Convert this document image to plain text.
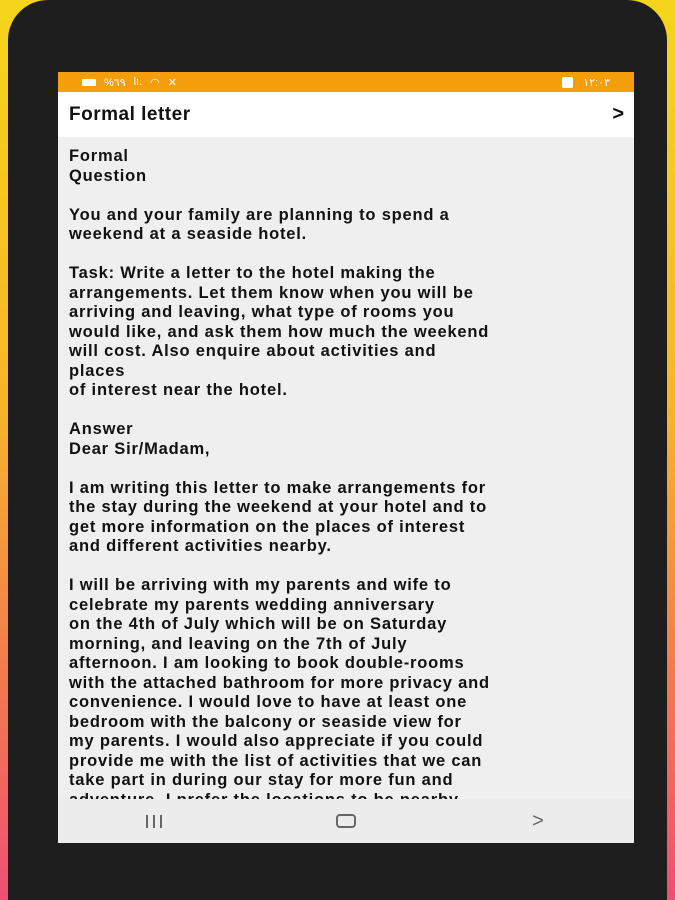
%٦٩ lı. ◠ ✕	١٢:٠٣
Formal letter	>

Formal
Question

You and your family are planning to spend a
weekend at a seaside hotel.

Task: Write a letter to the hotel making the
arrangements. Let them know when you will be
arriving and leaving, what type of rooms you
would like, and ask them how much the weekend
will cost. Also enquire about activities and
places
of interest near the hotel.

Answer
Dear Sir/Madam,

I am writing this letter to make arrangements for
the stay during the weekend at your hotel and to
get more information on the places of interest
and different activities nearby.

I will be arriving with my parents and wife to
celebrate my parents wedding anniversary
on the 4th of July which will be on Saturday
morning, and leaving on the 7th of July
afternoon. I am looking to book double-rooms
with the attached bathroom for more privacy and
convenience. I would love to have at least one
bedroom with the balcony or seaside view for
my parents. I would also appreciate if you could
provide me with the list of activities that we can
take part in during our stay for more fun and

>
